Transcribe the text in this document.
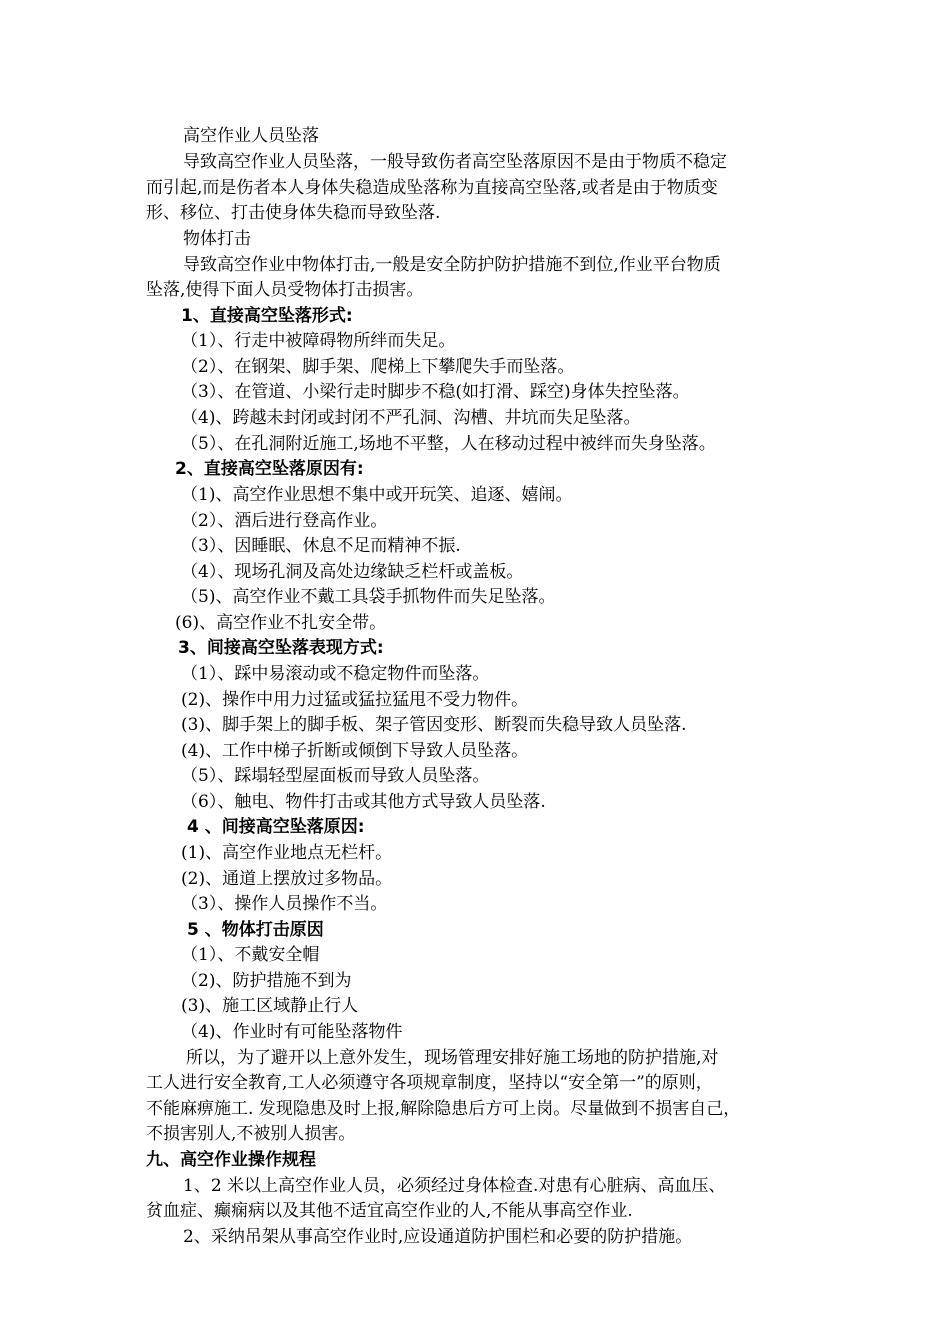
高空作业人员坠落
导致高空作业人员坠落，一般导致伤者高空坠落原因不是由于物质不稳定
而引起,而是伤者本人身体失稳造成坠落称为直接高空坠落,或者是由于物质变
形、移位、打击使身体失稳而导致坠落.
物体打击
导致高空作业中物体打击,一般是安全防护防护措施不到位,作业平台物质
坠落,使得下面人员受物体打击损害。
1、直接高空坠落形式:
（1）、行走中被障碍物所绊而失足。
（2）、在钢架、脚手架、爬梯上下攀爬失手而坠落。
（3）、在管道、小梁行走时脚步不稳(如打滑、踩空)身体失控坠落。
（4)、跨越未封闭或封闭不严孔洞、沟槽、井坑而失足坠落。
（5）、在孔洞附近施工,场地不平整，人在移动过程中被绊而失身坠落。
2、直接高空坠落原因有:
（1)、高空作业思想不集中或开玩笑、追逐、嬉闹。
（2）、酒后进行登高作业。
（3）、因睡眠、休息不足而精神不振.
（4）、现场孔洞及高处边缘缺乏栏杆或盖板。
（5)、高空作业不戴工具袋手抓物件而失足坠落。
(6)、高空作业不扎安全带。
3、间接高空坠落表现方式:
（1）、踩中易滚动或不稳定物件而坠落。
(2)、操作中用力过猛或猛拉猛甩不受力物件。
(3)、脚手架上的脚手板、架子管因变形、断裂而失稳导致人员坠落.
(4)、工作中梯子折断或倾倒下导致人员坠落。
（5）、踩塌轻型屋面板而导致人员坠落。
（6）、触电、物件打击或其他方式导致人员坠落.
4 、间接高空坠落原因:
(1)、高空作业地点无栏杆。
(2)、通道上摆放过多物品。
（3）、操作人员操作不当。
5 、物体打击原因
（1）、不戴安全帽
（2)、防护措施不到为
(3)、施工区域静止行人
（4)、作业时有可能坠落物件
所以，为了避开以上意外发生，现场管理安排好施工场地的防护措施,对
工人进行安全教育,工人必须遵守各项规章制度，坚持以“安全第一”的原则，
不能麻痹施工. 发现隐患及时上报,解除隐患后方可上岗。尽量做到不损害自己，
不损害别人,不被别人损害。
九、高空作业操作规程
1、2 米以上高空作业人员，必须经过身体检查.对患有心脏病、高血压、
贫血症、癫痫病以及其他不适宜高空作业的人,不能从事高空作业.
2、采纳吊架从事高空作业时,应设通道防护围栏和必要的防护措施。
